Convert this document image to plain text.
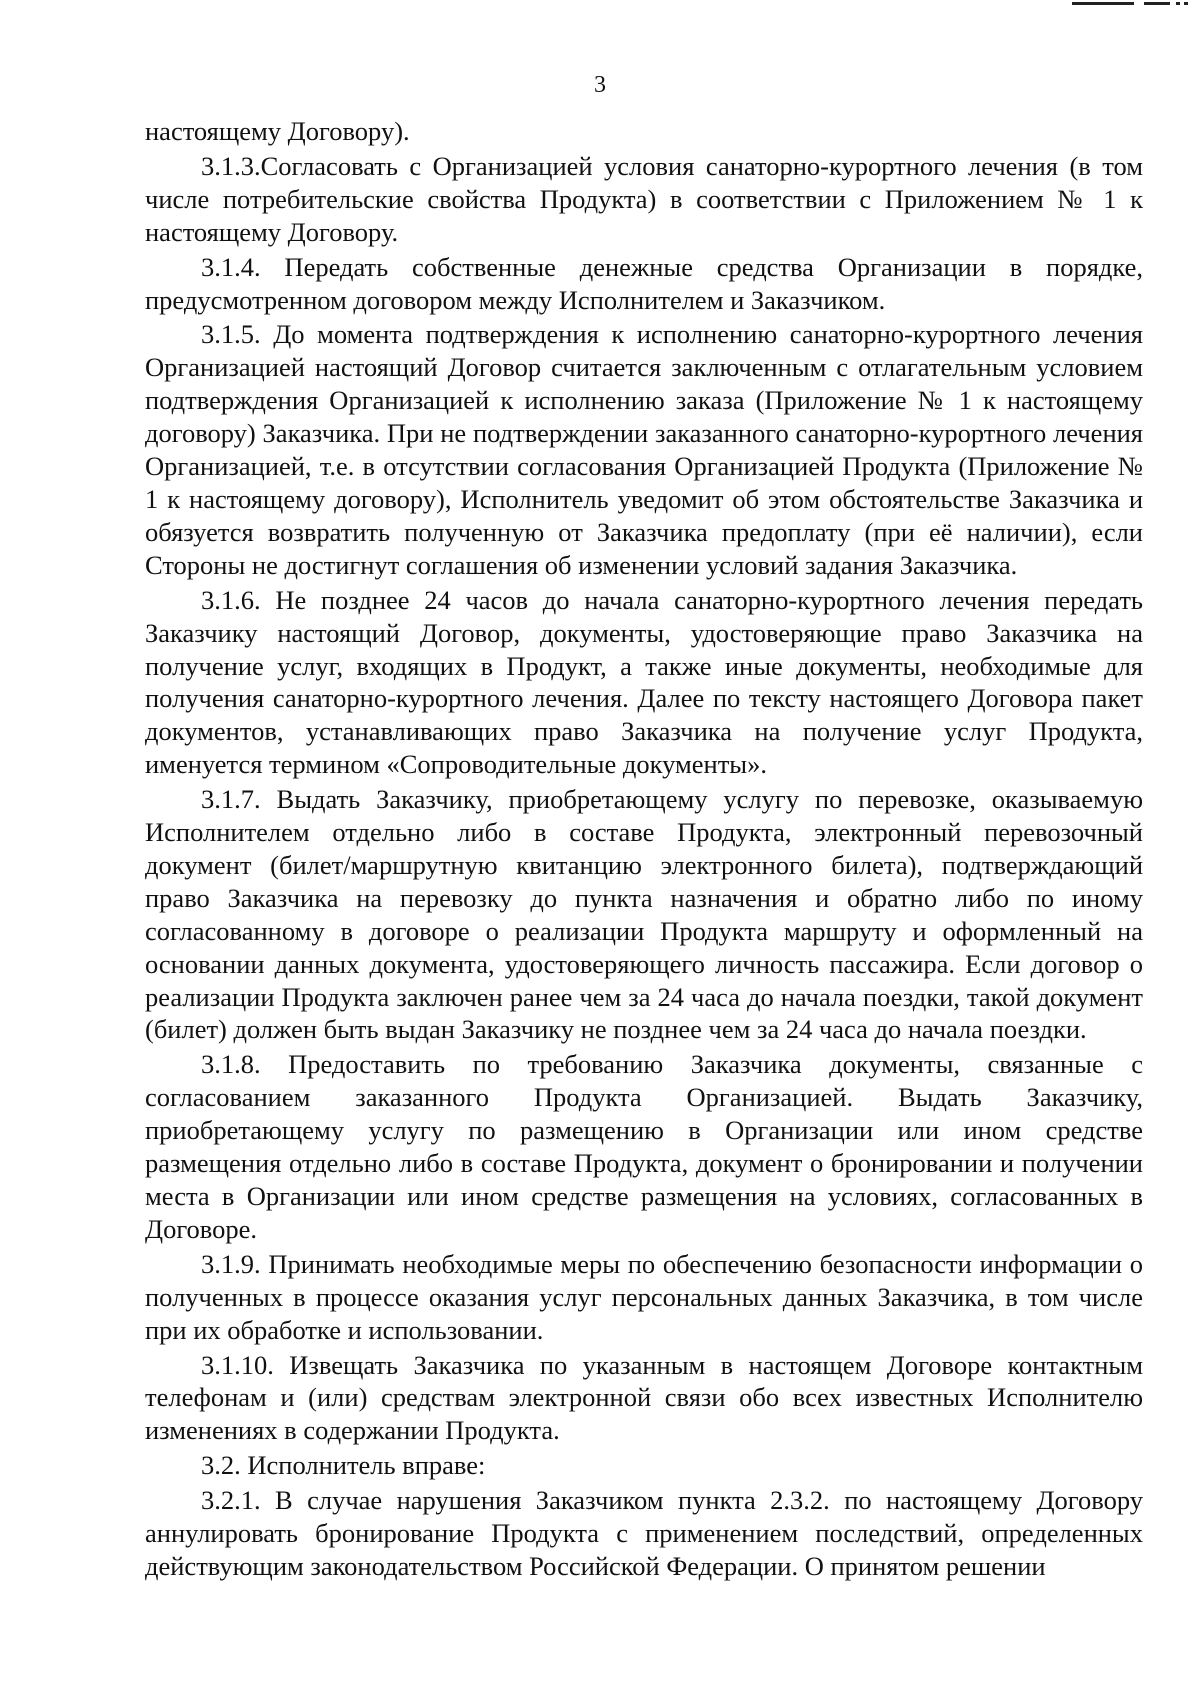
3

настоящему Договору).

3.1.3.Согласовать с Организацией условия санаторно-курортного лечения (в том числе потребительские свойства Продукта) в соответствии с Приложением № 1 к настоящему Договору.

3.1.4. Передать собственные денежные средства Организации в порядке, предусмотренном договором между Исполнителем и Заказчиком.

3.1.5. До момента подтверждения к исполнению санаторно-курортного лечения Организацией настоящий Договор считается заключенным с отлагательным условием подтверждения Организацией к исполнению заказа (Приложение № 1 к настоящему договору) Заказчика. При не подтверждении заказанного санаторно-курортного лечения Организацией, т.е. в отсутствии согласования Организацией Продукта (Приложение № 1 к настоящему договору), Исполнитель уведомит об этом обстоятельстве Заказчика и обязуется возвратить полученную от Заказчика предоплату (при её наличии), если Стороны не достигнут соглашения об изменении условий задания Заказчика.

3.1.6. Не позднее 24 часов до начала санаторно-курортного лечения передать Заказчику настоящий Договор, документы, удостоверяющие право Заказчика на получение услуг, входящих в Продукт, а также иные документы, необходимые для получения санаторно-курортного лечения. Далее по тексту настоящего Договора пакет документов, устанавливающих право Заказчика на получение услуг Продукта, именуется термином «Сопроводительные документы».

3.1.7. Выдать Заказчику, приобретающему услугу по перевозке, оказываемую Исполнителем отдельно либо в составе Продукта, электронный перевозочный документ (билет/маршрутную квитанцию электронного билета), подтверждающий право Заказчика на перевозку до пункта назначения и обратно либо по иному согласованному в договоре о реализации Продукта маршруту и оформленный на основании данных документа, удостоверяющего личность пассажира. Если договор о реализации Продукта заключен ранее чем за 24 часа до начала поездки, такой документ (билет) должен быть выдан Заказчику не позднее чем за 24 часа до начала поездки.

3.1.8. Предоставить по требованию Заказчика документы, связанные с согласованием заказанного Продукта Организацией. Выдать Заказчику, приобретающему услугу по размещению в Организации или ином средстве размещения отдельно либо в составе Продукта, документ о бронировании и получении места в Организации или ином средстве размещения на условиях, согласованных в Договоре.

3.1.9. Принимать необходимые меры по обеспечению безопасности информации о полученных в процессе оказания услуг персональных данных Заказчика, в том числе при их обработке и использовании.

3.1.10. Извещать Заказчика по указанным в настоящем Договоре контактным телефонам и (или) средствам электронной связи обо всех известных Исполнителю изменениях в содержании Продукта.

3.2. Исполнитель вправе:

3.2.1. В случае нарушения Заказчиком пункта 2.3.2. по настоящему Договору аннулировать бронирование Продукта с применением последствий, определенных действующим законодательством Российской Федерации. О принятом решении
